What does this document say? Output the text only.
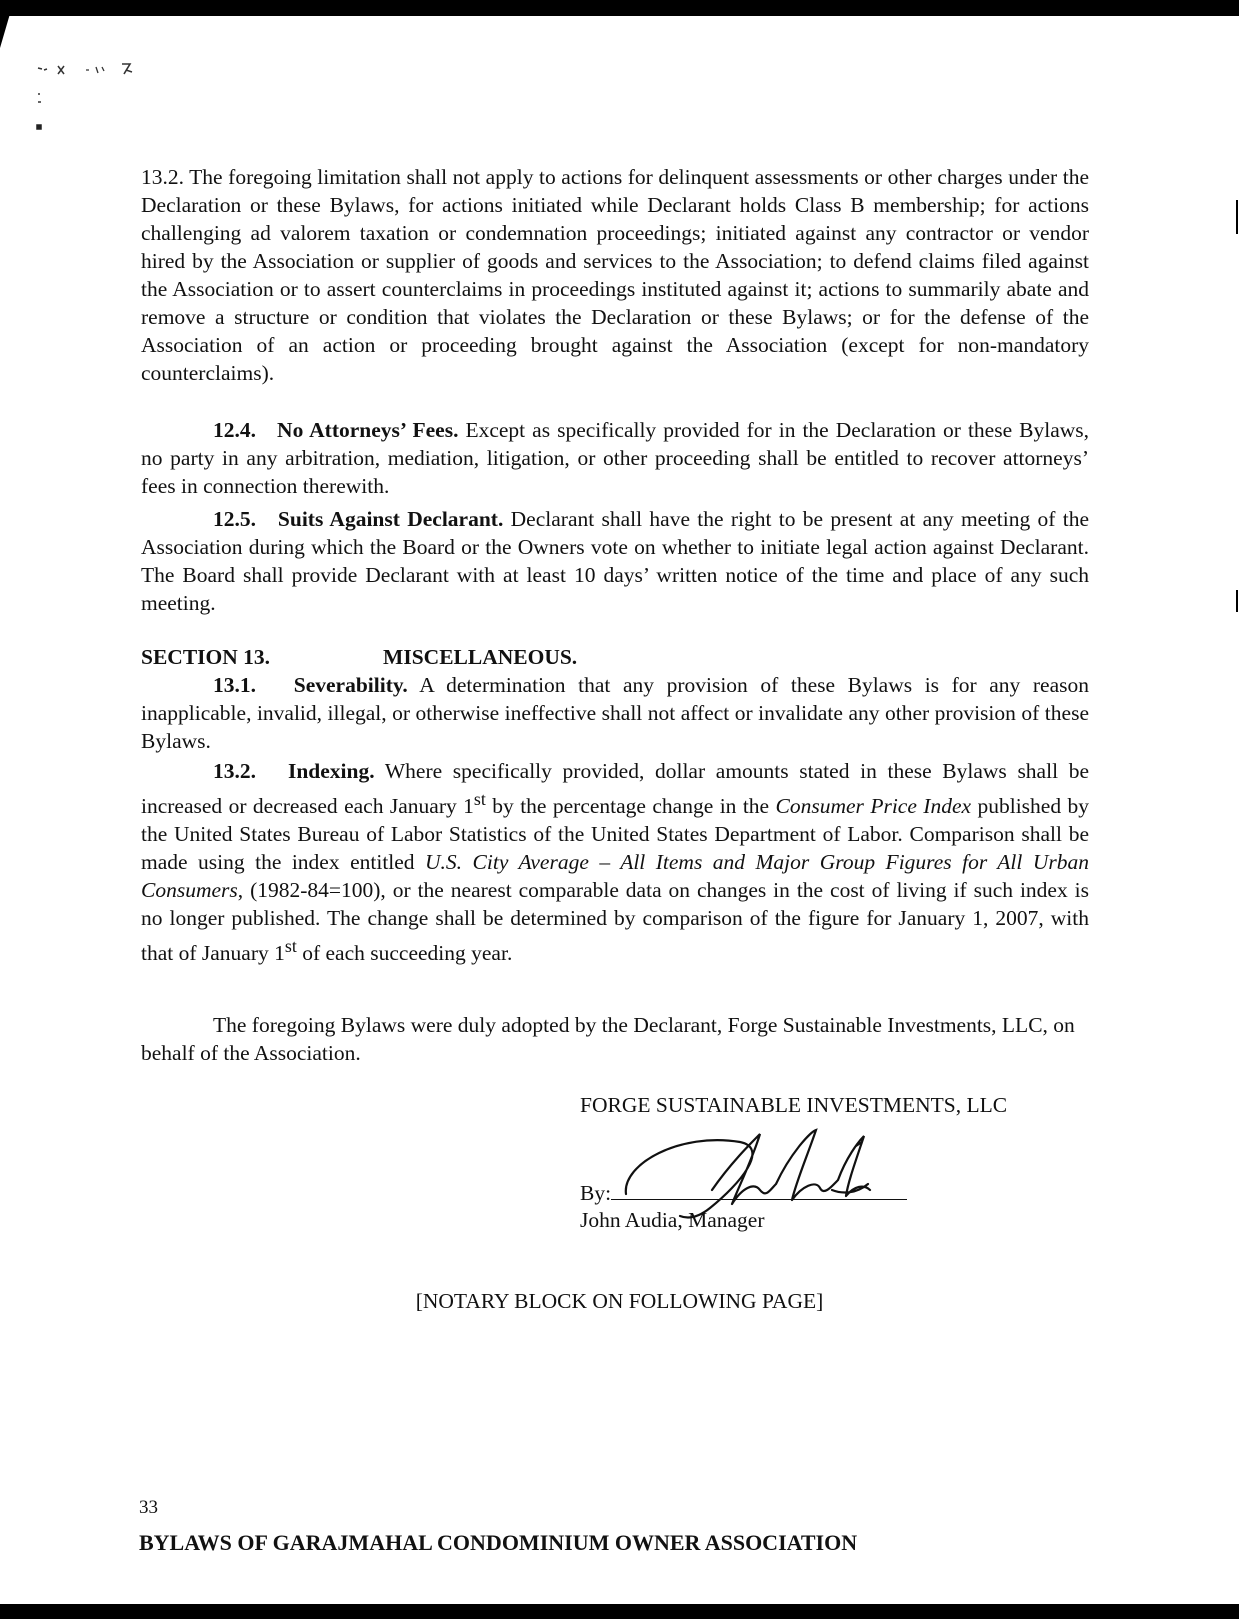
13.2. The foregoing limitation shall not apply to actions for delinquent assessments or other charges under the Declaration or these Bylaws, for actions initiated while Declarant holds Class B membership; for actions challenging ad valorem taxation or condemnation proceedings; initiated against any contractor or vendor hired by the Association or supplier of goods and services to the Association; to defend claims filed against the Association or to assert counterclaims in proceedings instituted against it; actions to summarily abate and remove a structure or condition that violates the Declaration or these Bylaws; or for the defense of the Association of an action or proceeding brought against the Association (except for non-mandatory counterclaims).

12.4. No Attorneys’ Fees. Except as specifically provided for in the Declaration or these Bylaws, no party in any arbitration, mediation, litigation, or other proceeding shall be entitled to recover attorneys’ fees in connection therewith.

12.5. Suits Against Declarant. Declarant shall have the right to be present at any meeting of the Association during which the Board or the Owners vote on whether to initiate legal action against Declarant. The Board shall provide Declarant with at least 10 days’ written notice of the time and place of any such meeting.

SECTION 13.	MISCELLANEOUS.

13.1. Severability. A determination that any provision of these Bylaws is for any reason inapplicable, invalid, illegal, or otherwise ineffective shall not affect or invalidate any other provision of these Bylaws.

13.2. Indexing. Where specifically provided, dollar amounts stated in these Bylaws shall be increased or decreased each January 1st by the percentage change in the Consumer Price Index published by the United States Bureau of Labor Statistics of the United States Department of Labor. Comparison shall be made using the index entitled U.S. City Average – All Items and Major Group Figures for All Urban Consumers, (1982-84=100), or the nearest comparable data on changes in the cost of living if such index is no longer published. The change shall be determined by comparison of the figure for January 1, 2007, with that of January 1st of each succeeding year.

The foregoing Bylaws were duly adopted by the Declarant, Forge Sustainable Investments, LLC, on behalf of the Association.

FORGE SUSTAINABLE INVESTMENTS, LLC
By:
John Audia, Manager
[NOTARY BLOCK ON FOLLOWING PAGE]
33
BYLAWS OF GARAJMAHAL CONDOMINIUM OWNER ASSOCIATION
